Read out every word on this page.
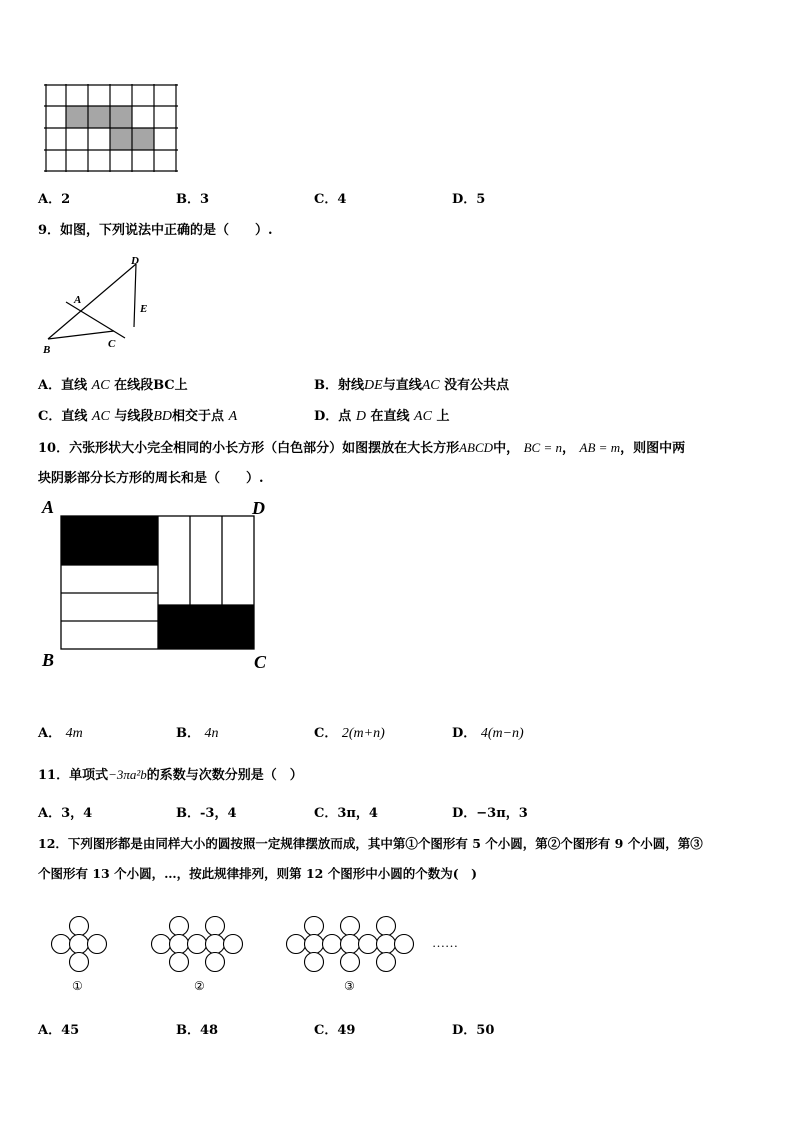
A．2	B．3	C．4	D．5
9．如图，下列说法中正确的是（　　）.
D
A
E
B	C
A．直线 AC 在线段BC上	B．射线DE与直线AC 没有公共点
C．直线 AC 与线段BD相交于点 A	D．点 D 在直线 AC 上
10．六张形状大小完全相同的小长方形（白色部分）如图摆放在大长方形ABCD中， BC = n， AB = m，则图中两
块阴影部分长方形的周长和是（　　）.
A	D
B	C
A． 4m	B． 4n	C． 2(m+n)	D． 4(m−n)
11．单项式−3πa²b的系数与次数分别是（　）
A．3，4	B．-3，4	C．3π，4	D．−3π，3
12．下列图形都是由同样大小的圆按照一定规律摆放而成，其中第①个图形有 5 个小圆，第②个图形有 9 个小圆，第③
个图形有 13 个小圆，…，按此规律排列，则第 12 个图形中小圆的个数为(　)
①	②	③
……
A．45	B．48	C．49	D．50
